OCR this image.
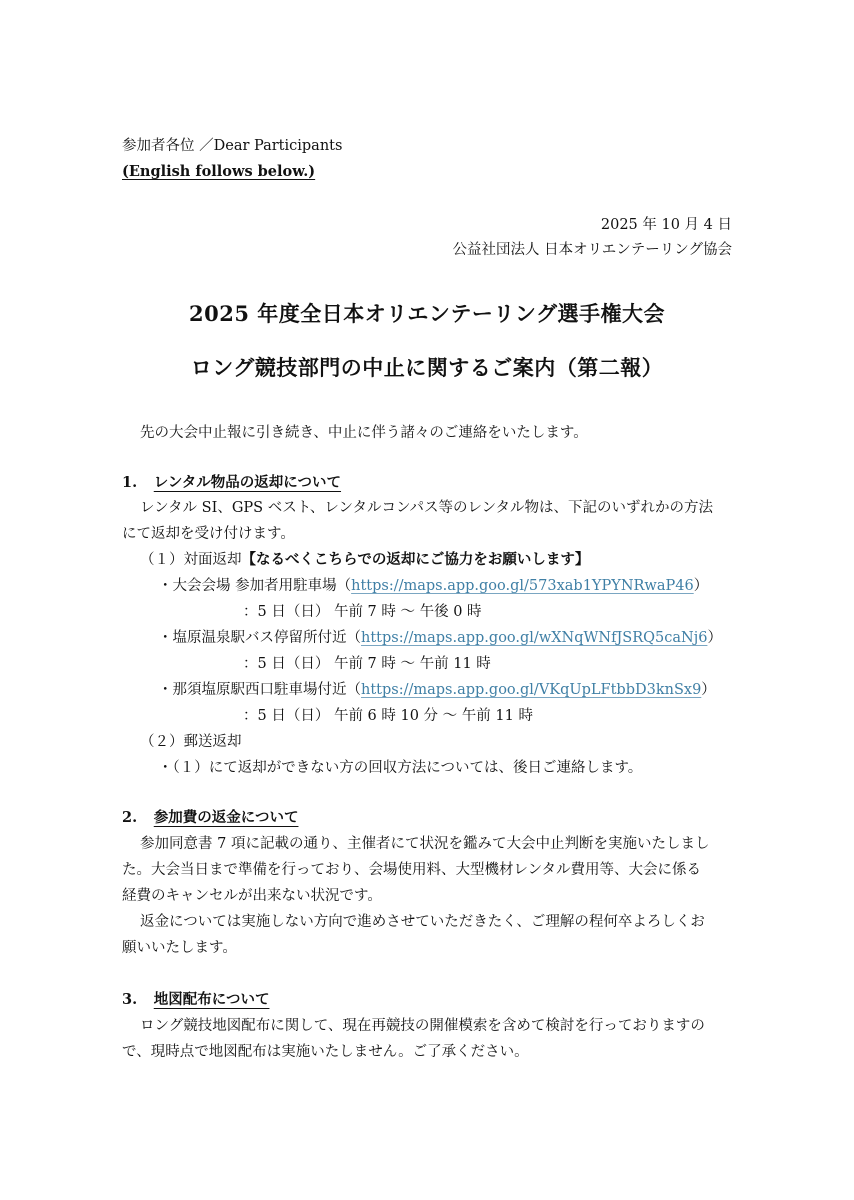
参加者各位 ／Dear Participants
(English follows below.)
2025 年 10 月 4 日
公益社団法人 日本オリエンテーリング協会
2025 年度全日本オリエンテーリング選手権大会
ロング競技部門の中止に関するご案内（第二報）
先の大会中止報に引き続き、中止に伴う諸々のご連絡をいたします。
1. レンタル物品の返却について
レンタル SI、GPS ベスト、レンタルコンパス等のレンタル物は、下記のいずれかの方法
にて返却を受け付けます。
（１）対面返却【なるべくこちらでの返却にご協力をお願いします】
・大会会場 参加者用駐車場（https://maps.app.goo.gl/573xab1YPYNRwaP46）
：5 日（日） 午前 7 時 ～ 午後 0 時
・塩原温泉駅バス停留所付近（https://maps.app.goo.gl/wXNqWNfJSRQ5caNj6）
：5 日（日） 午前 7 時 ～ 午前 11 時
・那須塩原駅西口駐車場付近（https://maps.app.goo.gl/VKqUpLFtbbD3knSx9）
：5 日（日） 午前 6 時 10 分 ～ 午前 11 時
（２）郵送返却
・（１）にて返却ができない方の回収方法については、後日ご連絡します。
2. 参加費の返金について
参加同意書 7 項に記載の通り、主催者にて状況を鑑みて大会中止判断を実施いたしまし
た。大会当日まで準備を行っており、会場使用料、大型機材レンタル費用等、大会に係る
経費のキャンセルが出来ない状況です。
返金については実施しない方向で進めさせていただきたく、ご理解の程何卒よろしくお
願いいたします。
3. 地図配布について
ロング競技地図配布に関して、現在再競技の開催模索を含めて検討を行っておりますの
で、現時点で地図配布は実施いたしません。ご了承ください。
